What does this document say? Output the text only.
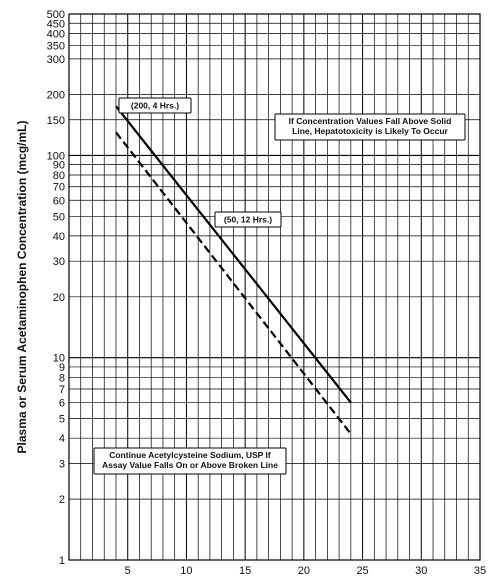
5	10	15	20	25	30	35
1
2
3
4
5
6
7
8
9
10
20
30
40
50
60
70
80
90
100
150
200
300
350
400
450
500
(200, 4 Hrs.)
(50, 12 Hrs.)
If Concentration Values Fall Above Solid
Line, Hepatotoxicity is Likely To Occur
Continue Acetylcysteine Sodium, USP If
Assay Value Falls On or Above Broken Line
Plasma or Serum Acetaminophen Concentration (mcg/mL)
